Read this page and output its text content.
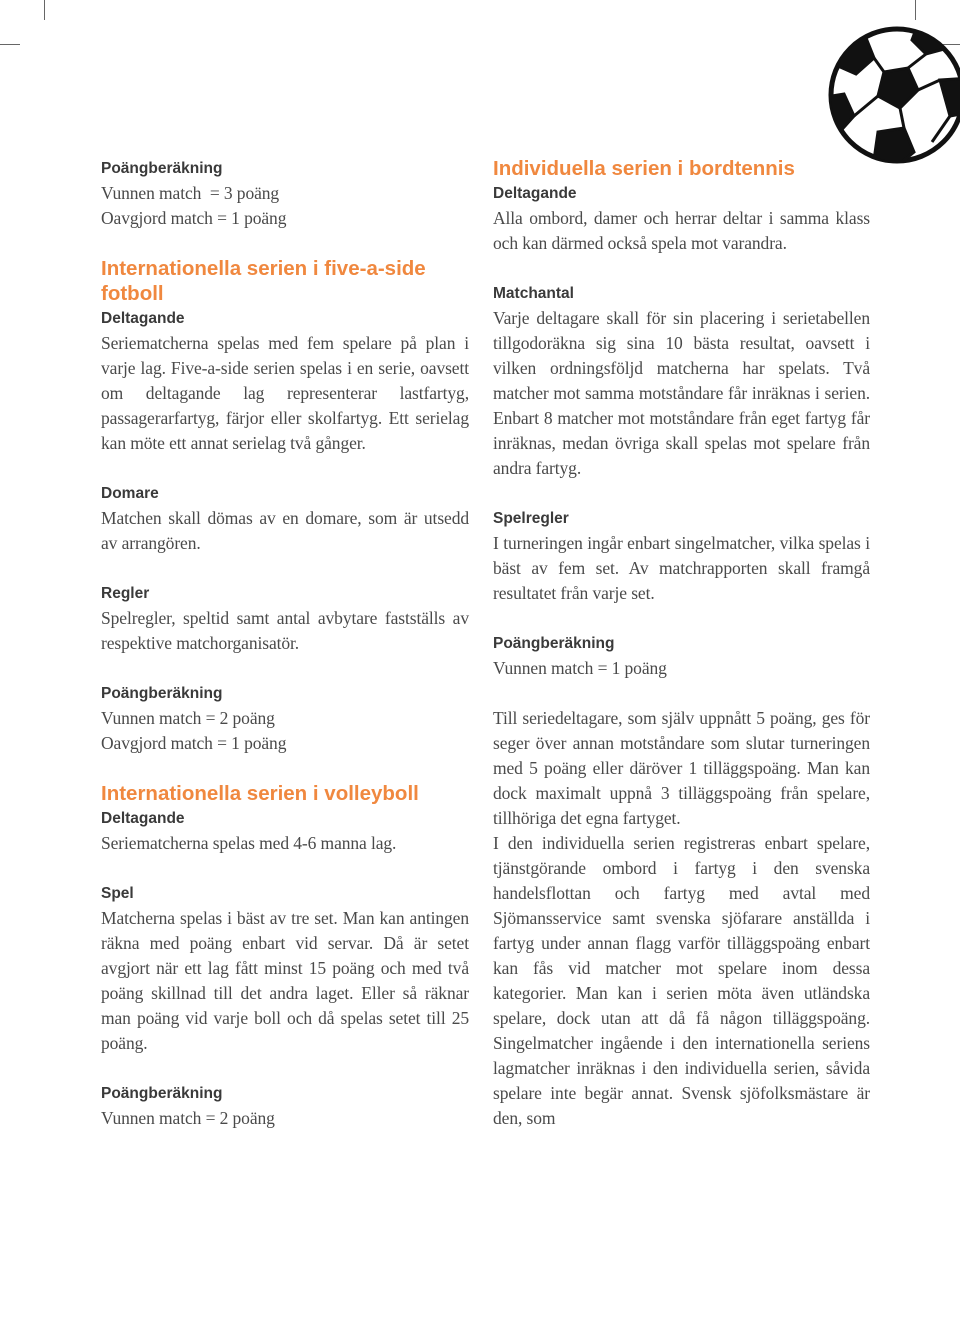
Poängberäkning

Vunnen match  = 3 poäng

Oavgjord match = 1 poäng

Internationella serien i five-a-side fotboll

Deltagande

Seriematcherna spelas med fem spelare på plan i varje lag. Five-a-side serien spelas i en serie, oavsett om deltagande lag representerar lastfartyg, passagerarfartyg, färjor eller skolfartyg. Ett serielag kan möte ett annat serielag två gånger.

Domare

Matchen skall dömas av en domare, som är utsedd av arrangören.

Regler

Spelregler, speltid samt antal avbytare fastställs av respektive matchorganisatör.

Poängberäkning

Vunnen match = 2 poäng

Oavgjord match = 1 poäng

Internationella serien i volleyboll

Deltagande

Seriematcherna spelas med 4-6 manna lag.

Spel

Matcherna spelas i bäst av tre set. Man kan antingen räkna med poäng enbart vid servar. Då är setet avgjort när ett lag fått minst 15 poäng och med två poäng skillnad till det andra laget. Eller så räknar man poäng vid varje boll och då spelas setet till 25 poäng.

Poängberäkning

Vunnen match = 2 poäng

Individuella serien i bordtennis

Deltagande

Alla ombord, damer och herrar deltar i samma klass och kan därmed också spela mot varandra.

Matchantal

Varje deltagare skall för sin placering i serietabellen tillgodoräkna sig sina 10 bästa resultat, oavsett i vilken ordningsföljd matcherna har spelats. Två matcher mot samma motståndare får inräknas i serien. Enbart 8 matcher mot motståndare från eget fartyg får inräknas, medan övriga skall spelas mot spelare från andra fartyg.

Spelregler

I turneringen ingår enbart singelmatcher, vilka spelas i bäst av fem set. Av matchrapporten skall framgå resultatet från varje set.

Poängberäkning

Vunnen match = 1 poäng

Till seriedeltagare, som själv uppnått 5 poäng, ges för seger över annan motståndare som slutar turneringen med 5 poäng eller däröver 1 tilläggspoäng. Man kan dock maximalt uppnå 3 tilläggspoäng från spelare, tillhöriga det egna fartyget.

I den individuella serien registreras enbart spelare, tjänstgörande ombord i fartyg i den svenska handelsflottan och fartyg med avtal med Sjömansservice samt svenska sjöfarare anställda i fartyg under annan flagg varför tilläggspoäng enbart kan fås vid matcher mot spelare inom dessa kategorier. Man kan i serien möta även utländska spelare, dock utan att då få någon tilläggspoäng. Singelmatcher ingående i den internationella seriens lagmatcher inräknas i den individuella serien, såvida spelare inte begär annat. Svensk sjöfolksmästare är den, som
